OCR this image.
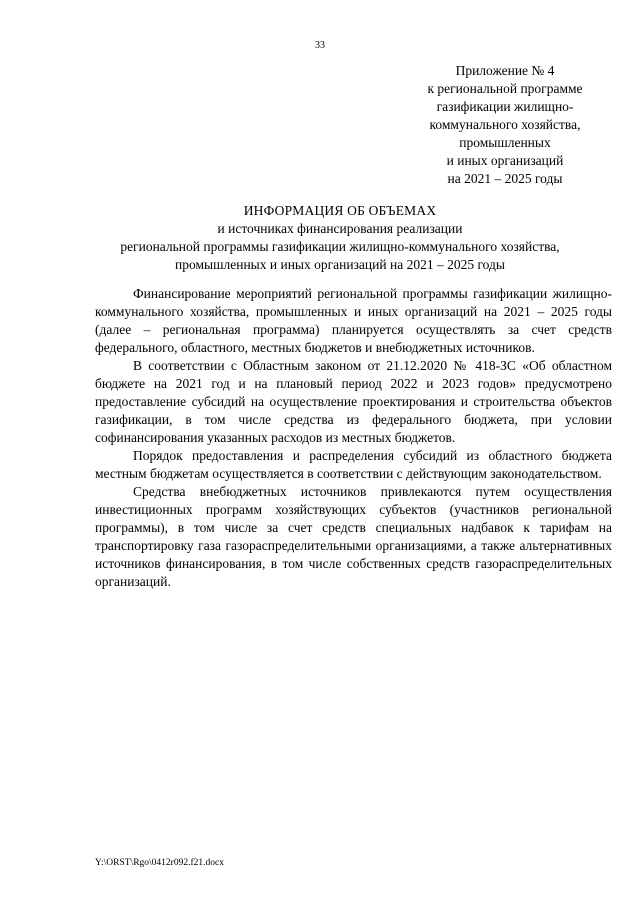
33
Приложение № 4
к региональной программе
газификации жилищно-
коммунального хозяйства,
промышленных
и иных организаций
на 2021 – 2025 годы
ИНФОРМАЦИЯ ОБ ОБЪЕМАХ
и источниках финансирования реализации
региональной программы газификации жилищно-коммунального хозяйства,
промышленных и иных организаций на 2021 – 2025 годы

Финансирование мероприятий региональной программы газификации жилищно-коммунального хозяйства, промышленных и иных организаций на 2021 – 2025 годы (далее – региональная программа) планируется осуществлять за счет средств федерального, областного, местных бюджетов и внебюджетных источников.

В соответствии с Областным законом от 21.12.2020 № 418-ЗС «Об областном бюджете на 2021 год и на плановый период 2022 и 2023 годов» предусмотрено предоставление субсидий на осуществление проектирования и строительства объектов газификации, в том числе средства из федерального бюджета, при условии софинансирования указанных расходов из местных бюджетов.

Порядок предоставления и распределения субсидий из областного бюджета местным бюджетам осуществляется в соответствии с действующим законодательством.

Средства внебюджетных источников привлекаются путем осуществления инвестиционных программ хозяйствующих субъектов (участников региональной программы), в том числе за счет средств специальных надбавок к тарифам на транспортировку газа газораспределительными организациями, а также альтернативных источников финансирования, в том числе собственных средств газораспределительных организаций.

Y:\ORST\Rgo\0412r092.f21.docx
